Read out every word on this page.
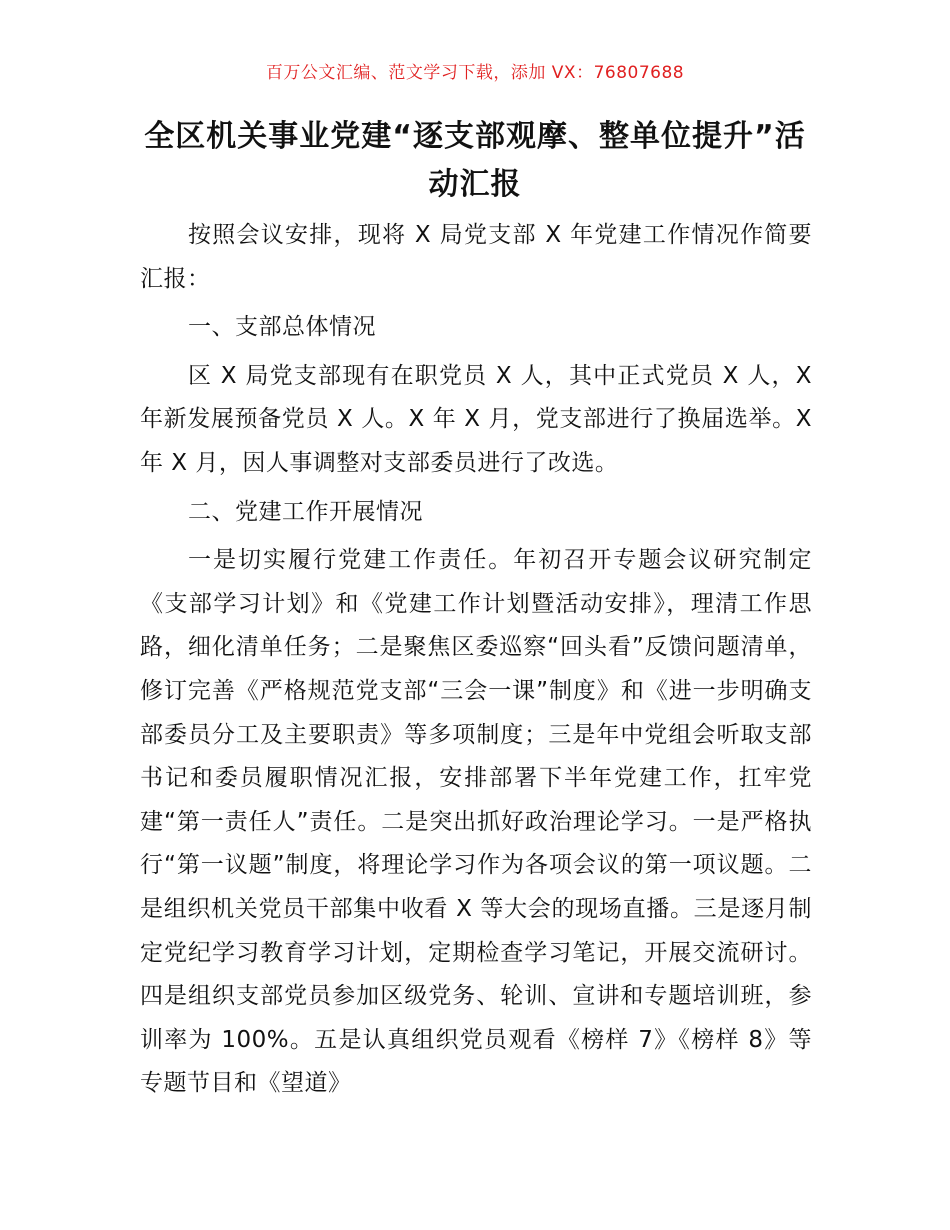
百万公文汇编、范文学习下载，添加 VX：76807688
全区机关事业党建“逐支部观摩、整单位提升”活动汇报

按照会议安排，现将 X 局党支部 X 年党建工作情况作简要汇报：

一、支部总体情况

区 X 局党支部现有在职党员 X 人，其中正式党员 X 人，X 年新发展预备党员 X 人。X 年 X 月，党支部进行了换届选举。X 年 X 月，因人事调整对支部委员进行了改选。

二、党建工作开展情况

一是切实履行党建工作责任。年初召开专题会议研究制定《支部学习计划》和《党建工作计划暨活动安排》，理清工作思路，细化清单任务；二是聚焦区委巡察“回头看”反馈问题清单，修订完善《严格规范党支部“三会一课”制度》和《进一步明确支部委员分工及主要职责》等多项制度；三是年中党组会听取支部书记和委员履职情况汇报，安排部署下半年党建工作，扛牢党建“第一责任人”责任。二是突出抓好政治理论学习。一是严格执行“第一议题”制度，将理论学习作为各项会议的第一项议题。二是组织机关党员干部集中收看 X 等大会的现场直播。三是逐月制定党纪学习教育学习计划，定期检查学习笔记，开展交流研讨。四是组织支部党员参加区级党务、轮训、宣讲和专题培训班，参训率为 100%。五是认真组织党员观看《榜样 7》《榜样 8》等专题节目和《望道》
